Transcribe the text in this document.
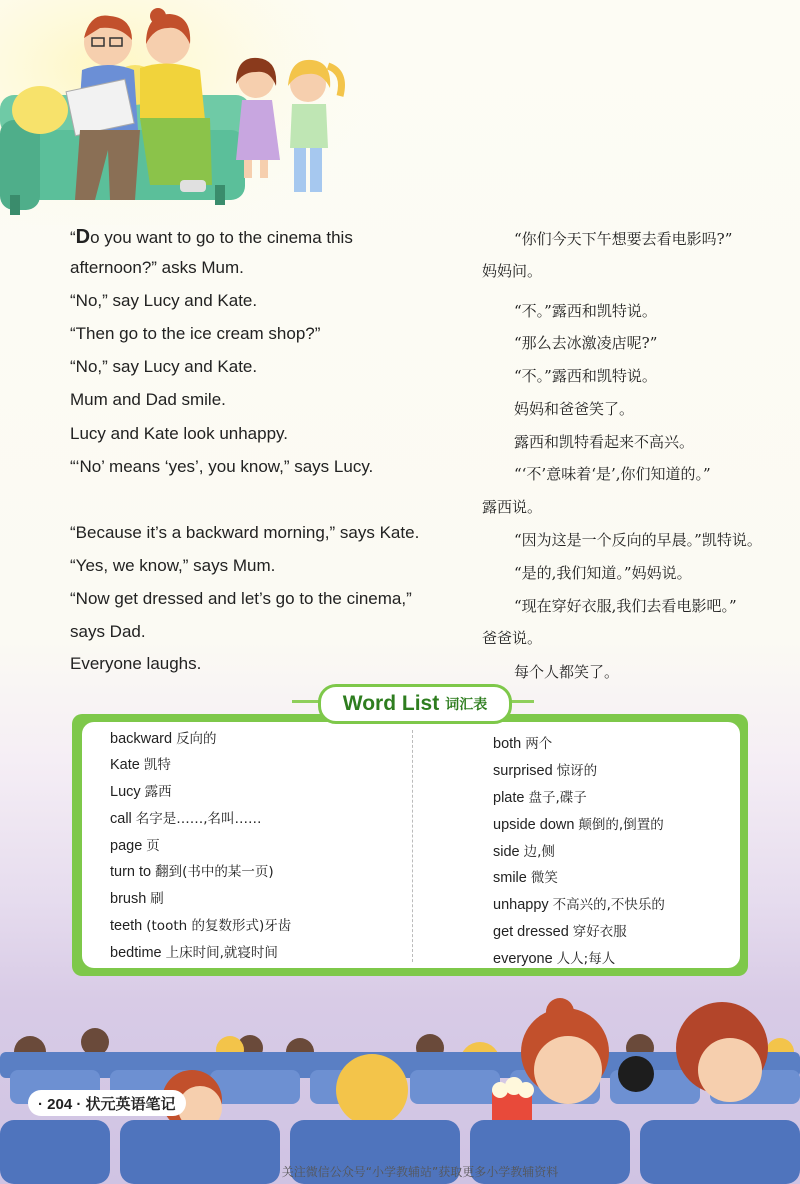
“Do you want to go to the cinema this
afternoon?” asks Mum.
“No,” say Lucy and Kate.
“Then go to the ice cream shop?”
“No,” say Lucy and Kate.
Mum and Dad smile.
Lucy and Kate look unhappy.
“‘No’ means ‘yes’, you know,” says Lucy.
“Because it’s a backward morning,” says Kate.
“Yes, we know,” says Mum.
“Now get dressed and let’s go to the cinema,”
says Dad.
Everyone laughs.
“你们今天下午想要去看电影吗?”
妈妈问。
“不。”露西和凯特说。
“那么去冰激凌店呢?”
“不。”露西和凯特说。
妈妈和爸爸笑了。
露西和凯特看起来不高兴。
“‘不’意味着‘是’,你们知道的。”
露西说。
“因为这是一个反向的早晨。”凯特说。
“是的,我们知道。”妈妈说。
“现在穿好衣服,我们去看电影吧。”
爸爸说。
每个人都笑了。
Word List 词汇表
backward 反向的
Kate 凯特
Lucy 露西
call 名字是……,名叫……
page 页
turn to 翻到(书中的某一页)
brush 刷
teeth (tooth 的复数形式)牙齿
bedtime 上床时间,就寝时间
both 两个
surprised 惊讶的
plate 盘子,碟子
upside down 颠倒的,倒置的
side 边,侧
smile 微笑
unhappy 不高兴的,不快乐的
get dressed 穿好衣服
everyone 人人;每人
· 204 · 状元英语笔记
关注微信公众号“小学教辅站”获取更多小学教辅资料
